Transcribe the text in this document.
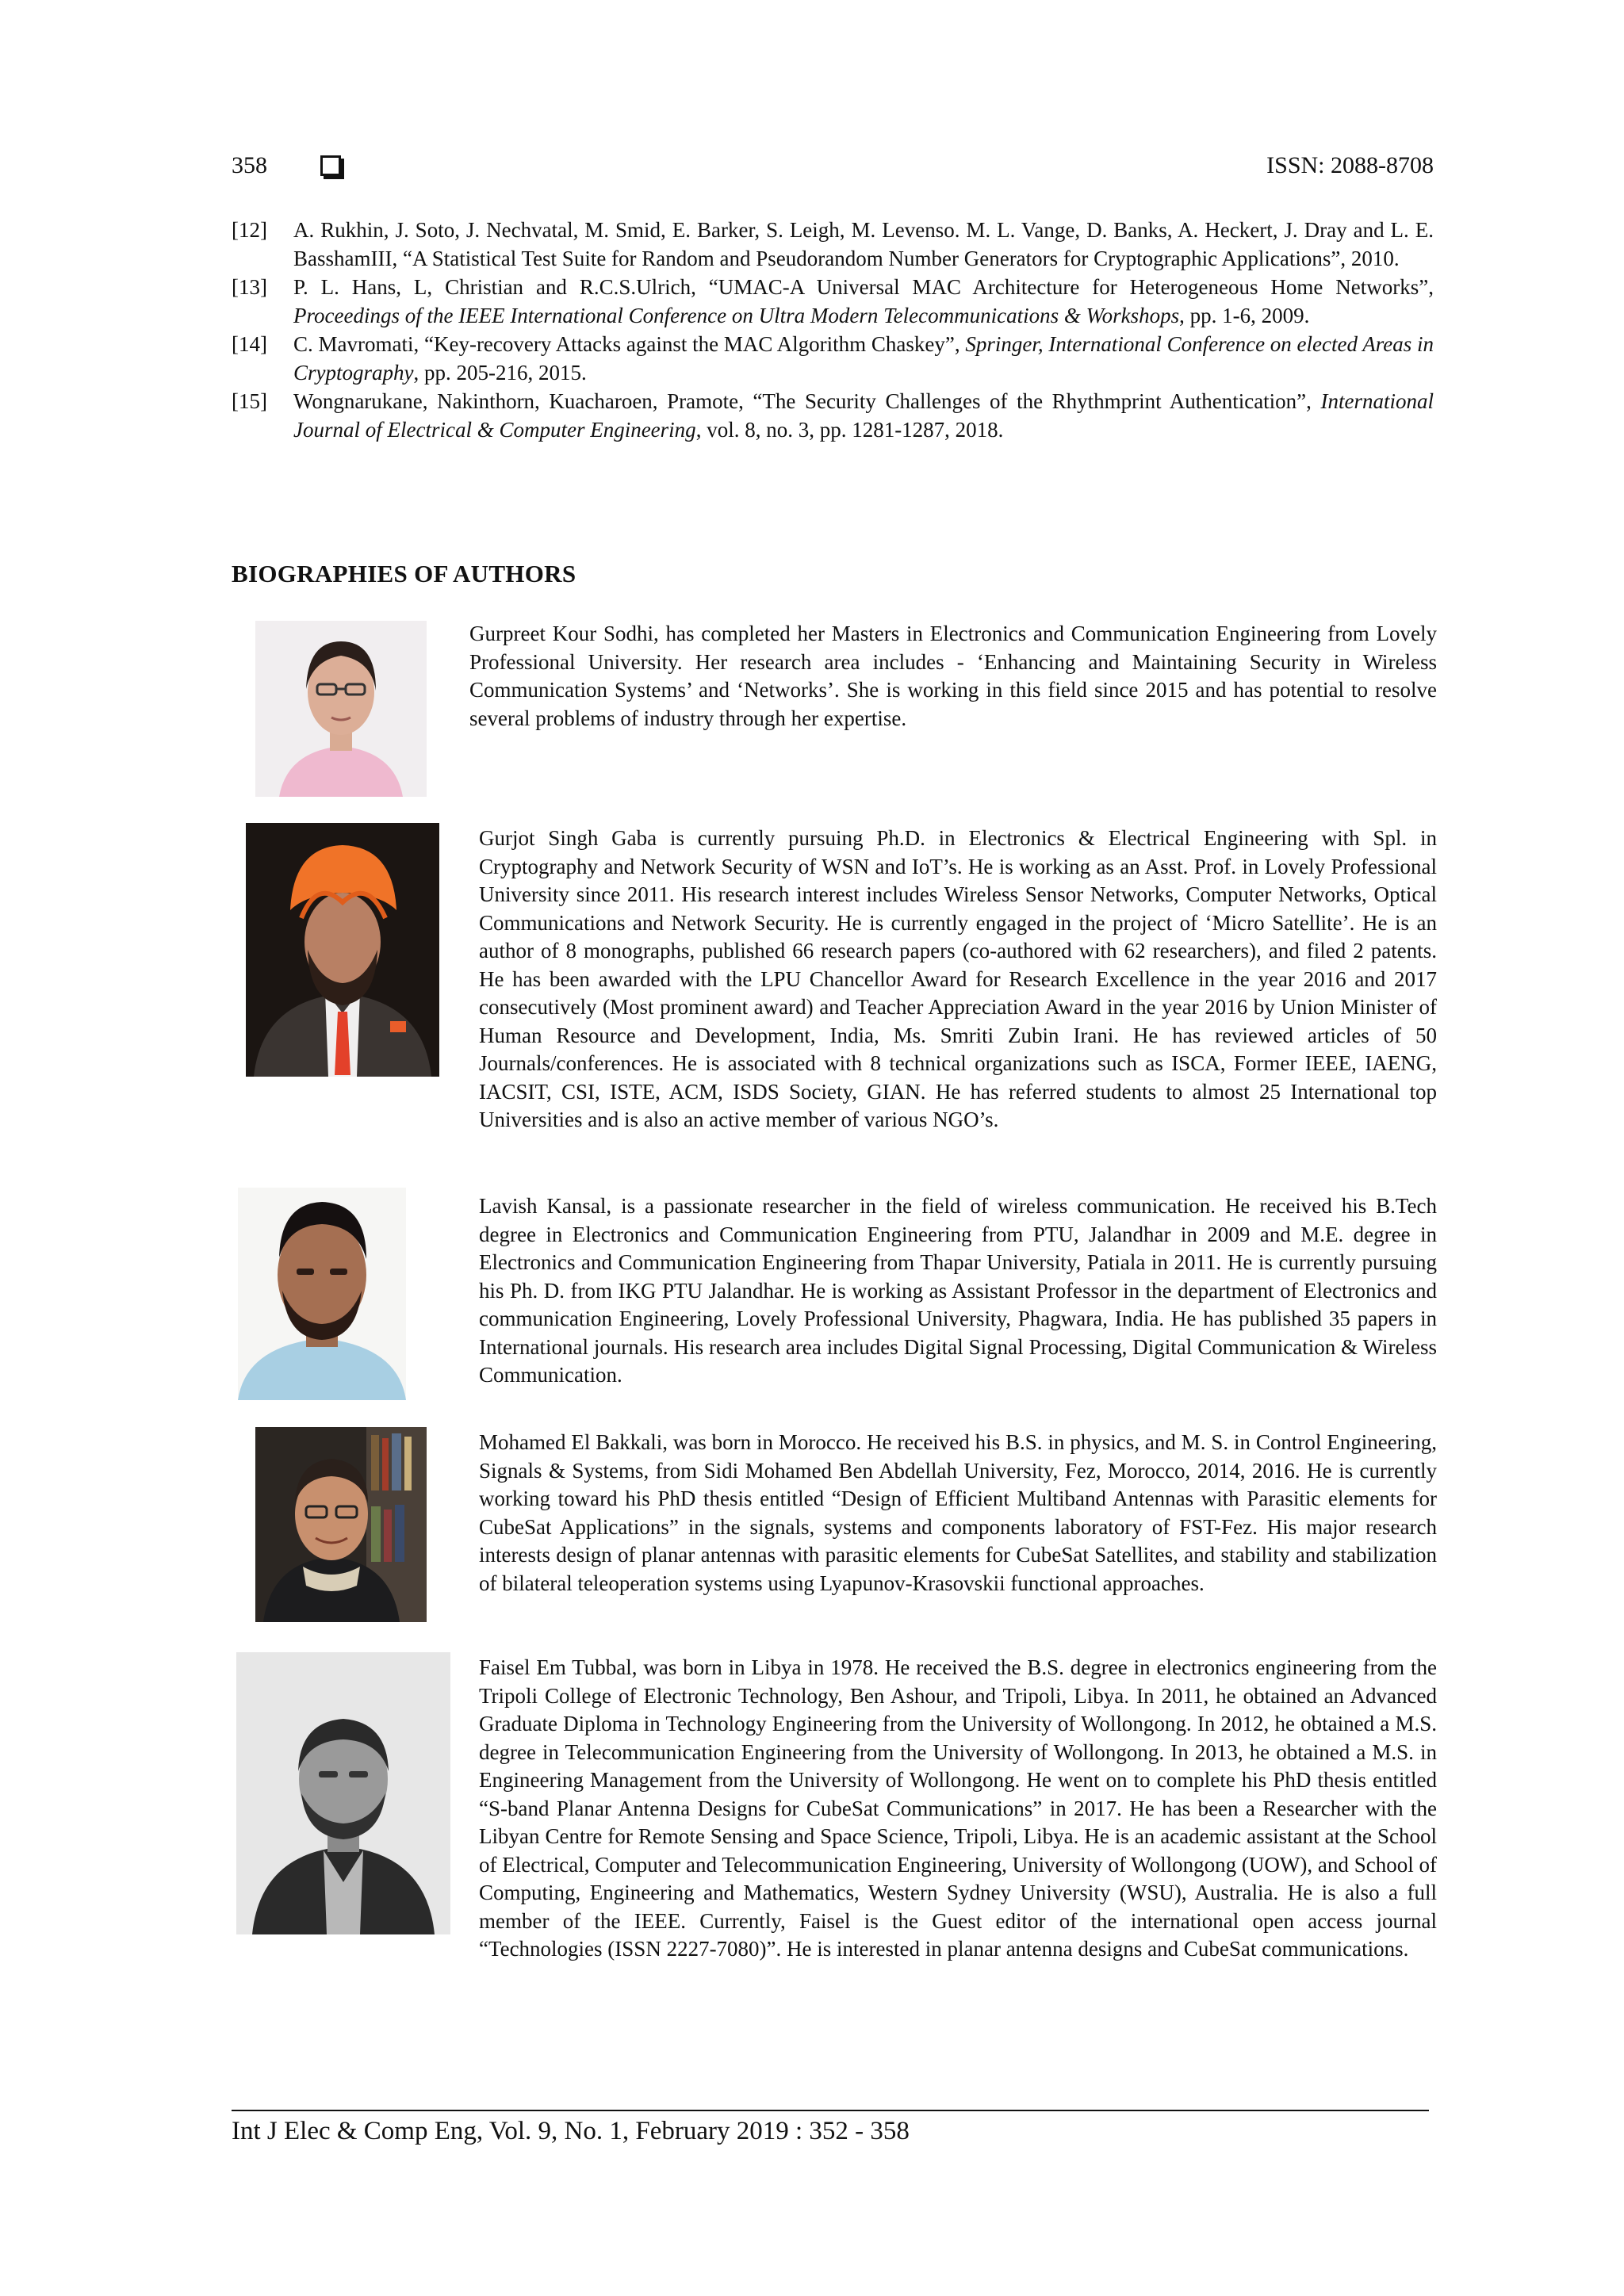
358	ISSN: 2088-8708
[12] A. Rukhin, J. Soto, J. Nechvatal, M. Smid, E. Barker, S. Leigh, M. Levenso. M. L. Vange, D. Banks, A. Heckert, J. Dray and L. E. BasshamIII, “A Statistical Test Suite for Random and Pseudorandom Number Generators for Cryptographic Applications”, 2010.
[13] P. L. Hans, L, Christian and R.C.S.Ulrich, “UMAC-A Universal MAC Architecture for Heterogeneous Home Networks”, Proceedings of the IEEE International Conference on Ultra Modern Telecommunications & Workshops, pp. 1-6, 2009.
[14] C. Mavromati, “Key-recovery Attacks against the MAC Algorithm Chaskey”, Springer, International Conference on elected Areas in Cryptography, pp. 205-216, 2015.
[15] Wongnarukane, Nakinthorn, Kuacharoen, Pramote, “The Security Challenges of the Rhythmprint Authentication”, International Journal of Electrical & Computer Engineering, vol. 8, no. 3, pp. 1281-1287, 2018.
BIOGRAPHIES OF AUTHORS
Gurpreet Kour Sodhi, has completed her Masters in Electronics and Communication Engineering from Lovely Professional University. Her research area includes - ‘Enhancing and Maintaining Security in Wireless Communication Systems’ and ‘Networks’. She is working in this field since 2015 and has potential to resolve several problems of industry through her expertise.
Gurjot Singh Gaba is currently pursuing Ph.D. in Electronics & Electrical Engineering with Spl. in Cryptography and Network Security of WSN and IoT’s. He is working as an Asst. Prof. in Lovely Professional University since 2011. His research interest includes Wireless Sensor Networks, Computer Networks, Optical Communications and Network Security. He is currently engaged in the project of ‘Micro Satellite’. He is an author of 8 monographs, published 66 research papers (co-authored with 62 researchers), and filed 2 patents. He has been awarded with the LPU Chancellor Award for Research Excellence in the year 2016 and 2017 consecutively (Most prominent award) and Teacher Appreciation Award in the year 2016 by Union Minister of Human Resource and Development, India, Ms. Smriti Zubin Irani. He has reviewed articles of 50 Journals/conferences. He is associated with 8 technical organizations such as ISCA, Former IEEE, IAENG, IACSIT, CSI, ISTE, ACM, ISDS Society, GIAN. He has referred students to almost 25 International top Universities and is also an active member of various NGO’s.
Lavish Kansal, is a passionate researcher in the field of wireless communication. He received his B.Tech degree in Electronics and Communication Engineering from PTU, Jalandhar in 2009 and M.E. degree in Electronics and Communication Engineering from Thapar University, Patiala in 2011. He is currently pursuing his Ph. D. from IKG PTU Jalandhar. He is working as Assistant Professor in the department of Electronics and communication Engineering, Lovely Professional University, Phagwara, India. He has published 35 papers in International journals. His research area includes Digital Signal Processing, Digital Communication & Wireless Communication.
Mohamed El Bakkali, was born in Morocco. He received his B.S. in physics, and M. S. in Control Engineering, Signals & Systems, from Sidi Mohamed Ben Abdellah University, Fez, Morocco, 2014, 2016. He is currently working toward his PhD thesis entitled “Design of Efficient Multiband Antennas with Parasitic elements for CubeSat Applications” in the signals, systems and components laboratory of FST-Fez. His major research interests design of planar antennas with parasitic elements for CubeSat Satellites, and stability and stabilization of bilateral teleoperation systems using Lyapunov-Krasovskii functional approaches.
Faisel Em Tubbal, was born in Libya in 1978. He received the B.S. degree in electronics engineering from the Tripoli College of Electronic Technology, Ben Ashour, and Tripoli, Libya. In 2011, he obtained an Advanced Graduate Diploma in Technology Engineering from the University of Wollongong. In 2012, he obtained a M.S. degree in Telecommunication Engineering from the University of Wollongong. In 2013, he obtained a M.S. in Engineering Management from the University of Wollongong. He went on to complete his PhD thesis entitled “S-band Planar Antenna Designs for CubeSat Communications” in 2017. He has been a Researcher with the Libyan Centre for Remote Sensing and Space Science, Tripoli, Libya. He is an academic assistant at the School of Electrical, Computer and Telecommunication Engineering, University of Wollongong (UOW), and School of Computing, Engineering and Mathematics, Western Sydney University (WSU), Australia. He is also a full member of the IEEE. Currently, Faisel is the Guest editor of the international open access journal “Technologies (ISSN 2227-7080)”. He is interested in planar antenna designs and CubeSat communications.
Int J Elec & Comp Eng, Vol. 9, No. 1, February 2019 : 352 - 358
